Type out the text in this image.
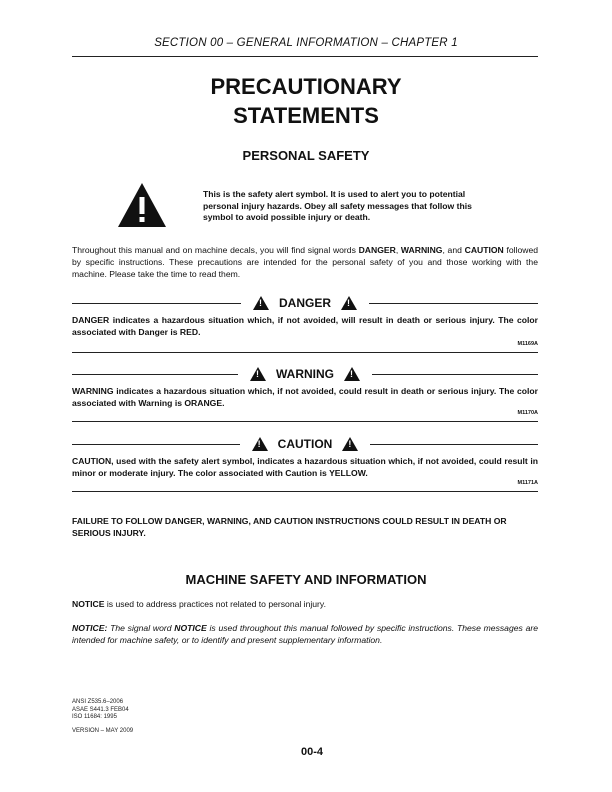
SECTION 00 – GENERAL INFORMATION – CHAPTER 1
PRECAUTIONARY
STATEMENTS
PERSONAL SAFETY
This is the safety alert symbol. It is used to alert you to potential personal injury hazards. Obey all safety messages that follow this symbol to avoid possible injury or death.
Throughout this manual and on machine decals, you will find signal words DANGER, WARNING, and CAUTION followed by specific instructions. These precautions are intended for the personal safety of you and those working with the machine. Please take the time to read them.
!
DANGER
!
DANGER indicates a hazardous situation which, if not avoided, will result in death or serious injury. The color associated with Danger is RED.
M1169A
!
WARNING
!
WARNING indicates a hazardous situation which, if not avoided, could result in death or serious injury. The color associated with Warning is ORANGE.
M1170A
!
CAUTION
!
CAUTION, used with the safety alert symbol, indicates a hazardous situation which, if not avoided, could result in minor or moderate injury. The color associated with Caution is YELLOW.
M1171A
FAILURE TO FOLLOW DANGER, WARNING, AND CAUTION INSTRUCTIONS COULD RESULT IN DEATH OR SERIOUS INJURY.
MACHINE SAFETY AND INFORMATION
NOTICE is used to address practices not related to personal injury.
NOTICE: The signal word NOTICE is used throughout this manual followed by specific instructions. These messages are intended for machine safety, or to identify and present supplementary information.
ANSI Z535.6–2006
ASAE S441.3 FEB04
ISO 11684: 1995
VERSION – MAY 2009
00-4
